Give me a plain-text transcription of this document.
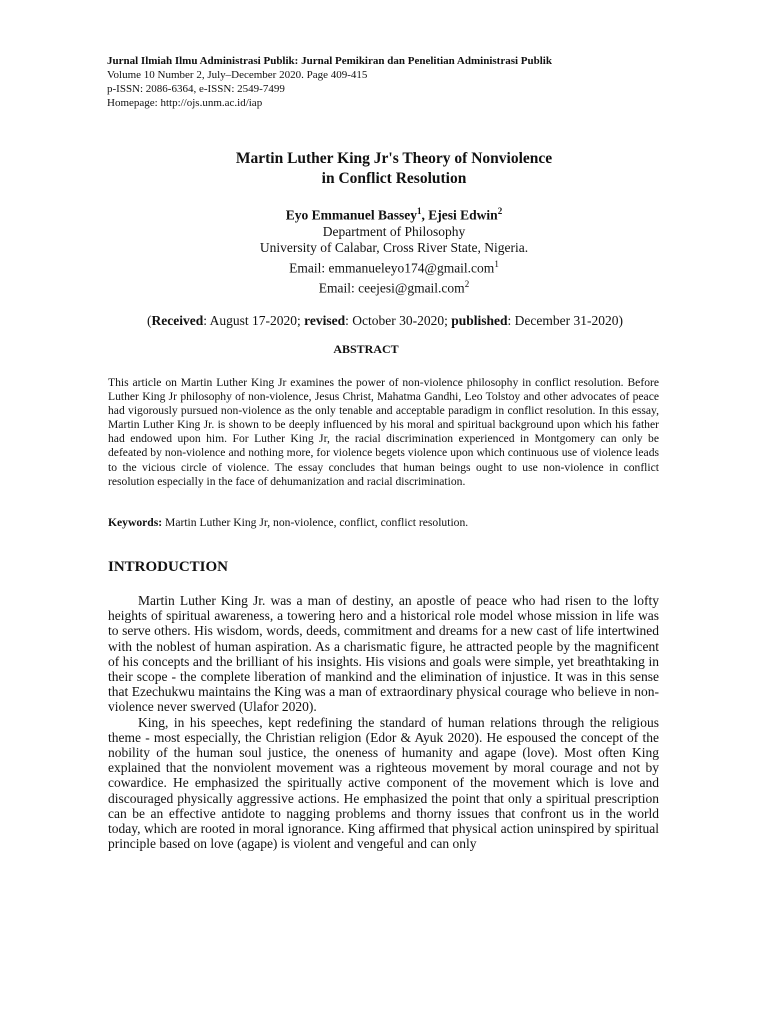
Jurnal Ilmiah Ilmu Administrasi Publik: Jurnal Pemikiran dan Penelitian Administrasi Publik
Volume 10 Number 2, July–December 2020. Page 409-415
p-ISSN: 2086-6364, e-ISSN: 2549-7499
Homepage: http://ojs.unm.ac.id/iap
Martin Luther King Jr's Theory of Nonviolence
in Conflict Resolution
Eyo Emmanuel Bassey$^1$, Ejesi Edwin$^2$
Department of Philosophy
University of Calabar, Cross River State, Nigeria.
Email: emmanueleyo174@gmail.com$^1$
Email: ceejesi@gmail.com$^2$
(Received: August 17-2020; revised: October 30-2020; published: December 31-2020)
ABSTRACT
This article on Martin Luther King Jr examines the power of non-violence philosophy in conflict resolution. Before Luther King Jr philosophy of non-violence, Jesus Christ, Mahatma Gandhi, Leo Tolstoy and other advocates of peace had vigorously pursued non-violence as the only tenable and acceptable paradigm in conflict resolution. In this essay, Martin Luther King Jr. is shown to be deeply influenced by his moral and spiritual background upon which his father had endowed upon him. For Luther King Jr, the racial discrimination experienced in Montgomery can only be defeated by non-violence and nothing more, for violence begets violence upon which continuous use of violence leads to the vicious circle of violence. The essay concludes that human beings ought to use non-violence in conflict resolution especially in the face of dehumanization and racial discrimination.
Keywords: Martin Luther King Jr, non-violence, conflict, conflict resolution.
INTRODUCTION

Martin Luther King Jr. was a man of destiny, an apostle of peace who had risen to the lofty heights of spiritual awareness, a towering hero and a historical role model whose mission in life was to serve others. His wisdom, words, deeds, commitment and dreams for a new cast of life intertwined with the noblest of human aspiration. As a charismatic figure, he attracted people by the magnificent of his concepts and the brilliant of his insights. His visions and goals were simple, yet breathtaking in their scope - the complete liberation of mankind and the elimination of injustice. It was in this sense that Ezechukwu maintains the King was a man of extraordinary physical courage who believe in non-violence never swerved (Ulafor 2020).

King, in his speeches, kept redefining the standard of human relations through the religious theme - most especially, the Christian religion (Edor & Ayuk 2020). He espoused the concept of the nobility of the human soul justice, the oneness of humanity and agape (love). Most often King explained that the nonviolent movement was a righteous movement by moral courage and not by cowardice. He emphasized the spiritually active component of the movement which is love and discouraged physically aggressive actions. He emphasized the point that only a spiritual prescription can be an effective antidote to nagging problems and thorny issues that confront us in the world today, which are rooted in moral ignorance. King affirmed that physical action uninspired by spiritual principle based on love (agape) is violent and vengeful and can only
